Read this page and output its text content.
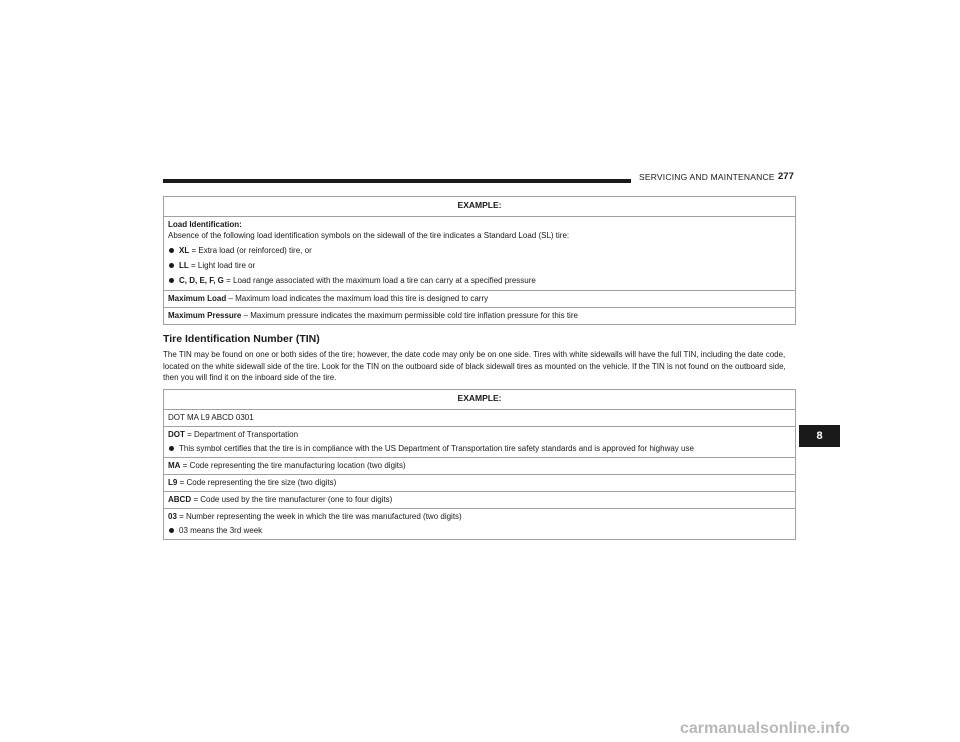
SERVICING AND MAINTENANCE 277
8
EXAMPLE:
Load Identification:
Absence of the following load identification symbols on the sidewall of the tire indicates a Standard Load (SL) tire:
XL = Extra load (or reinforced) tire, or
LL = Light load tire or
C, D, E, F, G = Load range associated with the maximum load a tire can carry at a specified pressure
Maximum Load – Maximum load indicates the maximum load this tire is designed to carry
Maximum Pressure – Maximum pressure indicates the maximum permissible cold tire inflation pressure for this tire
Tire Identification Number (TIN)
The TIN may be found on one or both sides of the tire; however, the date code may only be on one side. Tires with white sidewalls will have the full TIN, including the date code, located on the white sidewall side of the tire. Look for the TIN on the outboard side of black sidewall tires as mounted on the vehicle. If the TIN is not found on the outboard side, then you will find it on the inboard side of the tire.
EXAMPLE:
DOT MA L9 ABCD 0301
DOT = Department of Transportation
This symbol certifies that the tire is in compliance with the US Department of Transportation tire safety standards and is approved for highway use
MA = Code representing the tire manufacturing location (two digits)
L9 = Code representing the tire size (two digits)
ABCD = Code used by the tire manufacturer (one to four digits)
03 = Number representing the week in which the tire was manufactured (two digits)
03 means the 3rd week
carmanualsonline.info
